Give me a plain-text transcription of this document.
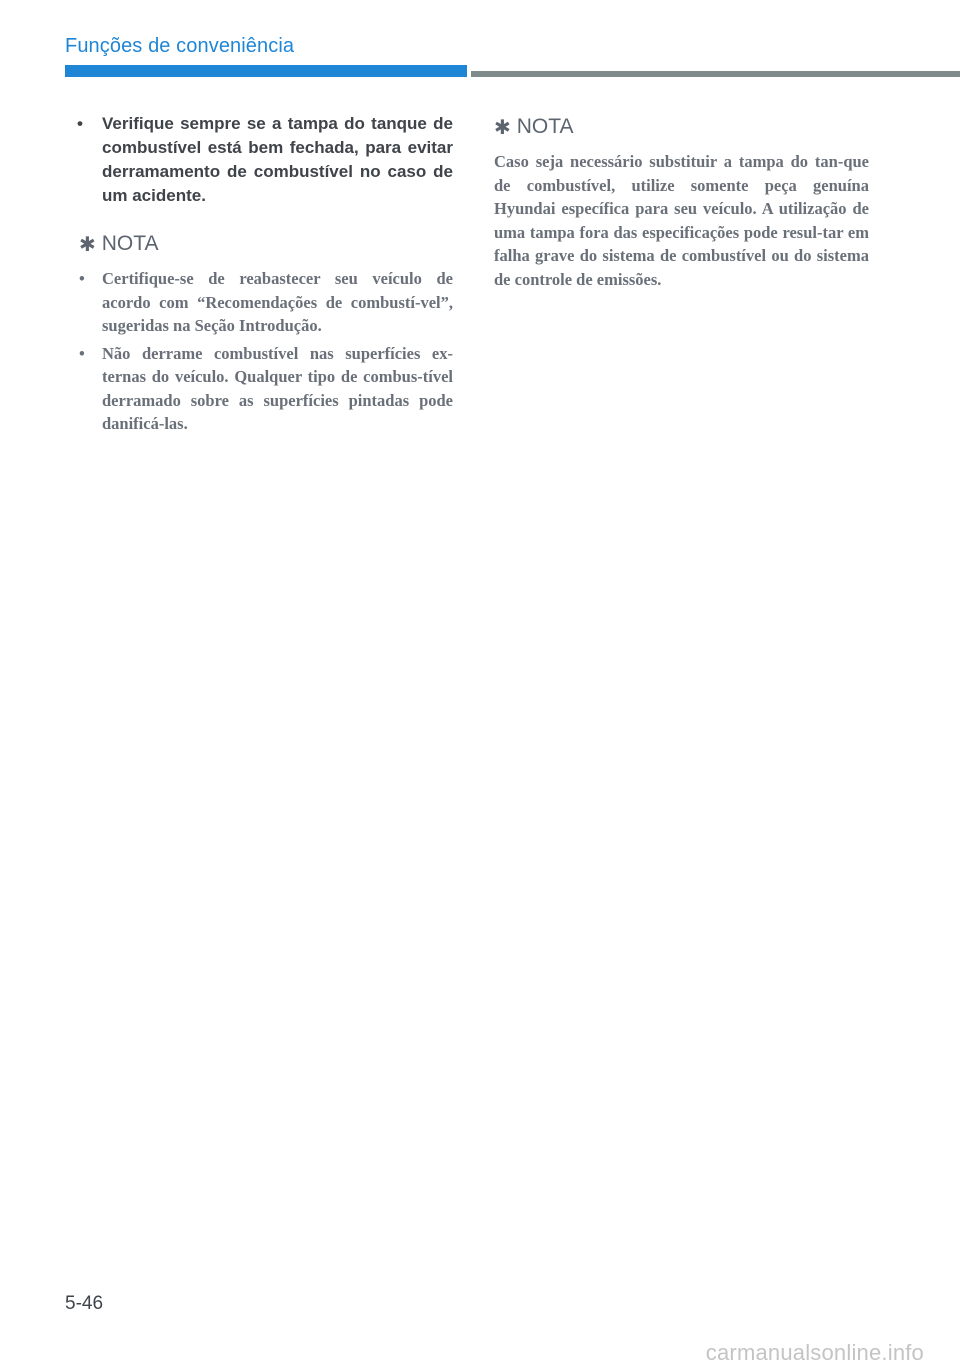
Funções de conveniência
• Verifique sempre se a tampa do tanque de combustível está bem fechada, para evitar derramamento de combustível no caso de um acidente.
✱ NOTA
• Certifique-se de reabastecer seu veículo de acordo com “Recomendações de combustí-vel”, sugeridas na Seção Introdução.
• Não derrame combustível nas superfícies ex-ternas do veículo. Qualquer tipo de combus-tível derramado sobre as superfícies pintadas pode danificá-las.
✱ NOTA

Caso seja necessário substituir a tampa do tan-que de combustível, utilize somente peça genuína Hyundai específica para seu veículo. A utilização de uma tampa fora das especificações pode resul-tar em falha grave do sistema de combustível ou do sistema de controle de emissões.

5-46
carmanualsonline.info
